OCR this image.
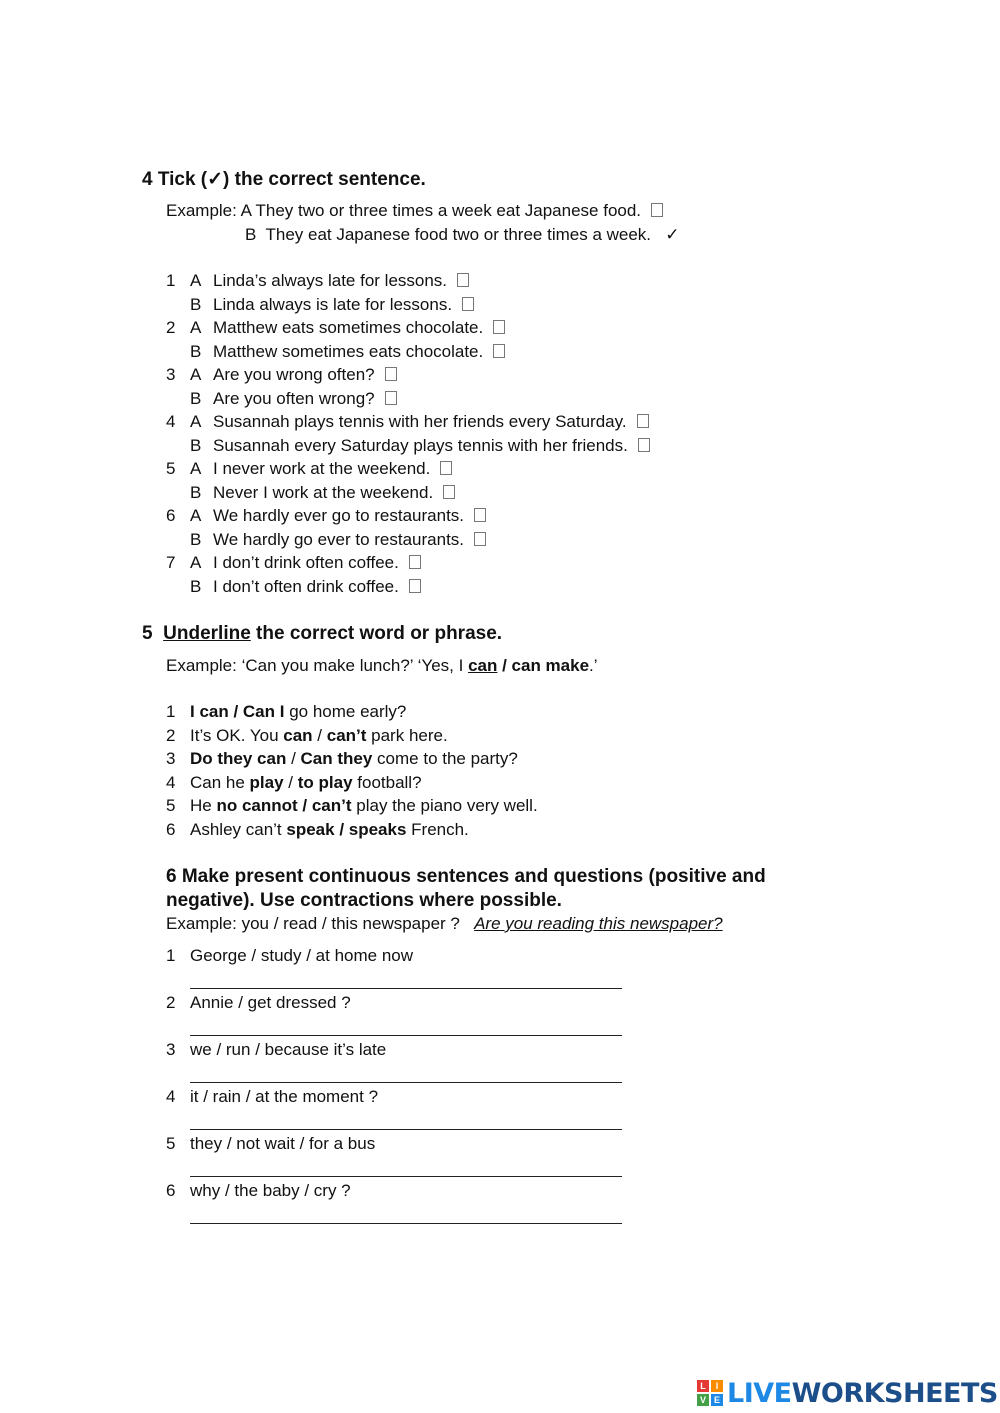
4 Tick (✓) the correct sentence.
Example: A They two or three times a week eat Japanese food.
B They eat Japanese food two or three times a week. ✓
1 A Linda’s always late for lessons.
B Linda always is late for lessons.
2 A Matthew eats sometimes chocolate.
B Matthew sometimes eats chocolate.
3 A Are you wrong often?
B Are you often wrong?
4 A Susannah plays tennis with her friends every Saturday.
B Susannah every Saturday plays tennis with her friends.
5 A I never work at the weekend.
B Never I work at the weekend.
6 A We hardly ever go to restaurants.
B We hardly go ever to restaurants.
7 A I don’t drink often coffee.
B I don’t often drink coffee.
5 Underline the correct word or phrase.
Example: ‘Can you make lunch?’ ‘Yes, I can / can make.’
1 I can / Can I go home early?
2 It’s OK. You can / can’t park here.
3 Do they can / Can they come to the party?
4 Can he play / to play football?
5 He no cannot / can’t play the piano very well.
6 Ashley can’t speak / speaks French.
6 Make present continuous sentences and questions (positive and
negative). Use contractions where possible.
Example: you / read / this newspaper ? Are you reading this newspaper?
1 George / study / at home now
2 Annie / get dressed ?
3 we / run / because it’s late
4 it / rain / at the moment ?
5 they / not wait / for a bus
6 why / the baby / cry ?
L	I
V E LIVEWORKSHEETS
